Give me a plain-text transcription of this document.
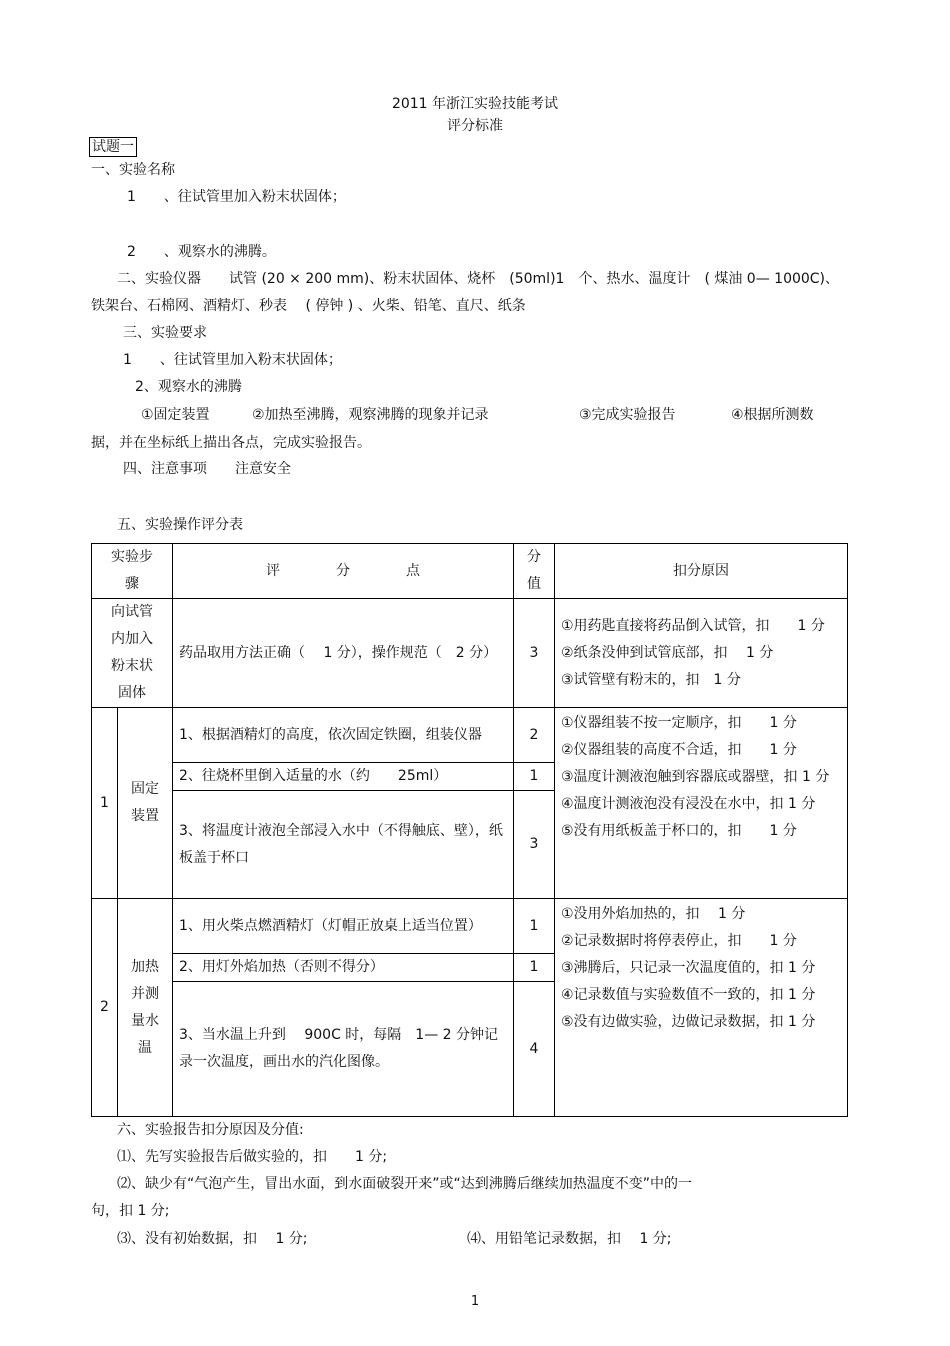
2011 年浙江实验技能考试
评分标准
试题一
一、实验名称
1　　、往试管里加入粉末状固体；
2　　、观察水的沸腾。
二、实验仪器　　试管 (20 × 200 mm)、粉末状固体、烧杯　(50ml)1　个、热水、温度计　( 煤油 0— 1000C)、
铁架台、石棉网、酒精灯、秒表　 ( 停钟 ) 、火柴、铅笔、直尺、纸条
三、实验要求
1　　、往试管里加入粉末状固体；
2、观察水的沸腾
①固定装置	②加热至沸腾，观察沸腾的现象并记录	③完成实验报告	④根据所测数
据，并在坐标纸上描出各点，完成实验报告。
四、注意事项　　注意安全
五、实验操作评分表
实验步
骤		评　　　　分　　　　点	分
值	扣分原因
向试管
内加入
粉末状
固体		药品取用方法正确（　 1 分），操作规范（　2 分）	3	①用药匙直接将药品倒入试管，扣　　1 分
②纸条没伸到试管底部，扣　 1 分
③试管壁有粉末的，扣　1 分
1	固定
装置	1、根据酒精灯的高度，依次固定铁圈，组装仪器	2	①仪器组装不按一定顺序，扣　　1 分
②仪器组装的高度不合适，扣　　1 分
③温度计测液泡触到容器底或器壁，扣 1 分
④温度计测液泡没有浸没在水中，扣 1 分
⑤没有用纸板盖于杯口的，扣　　1 分
		2、往烧杯里倒入适量的水（约　　25ml）	1	
		3、将温度计液泡全部浸入水中（不得触底、壁），纸板盖于杯口	3	
2	加热
并测
量水
温	1、用火柴点燃酒精灯（灯帽正放桌上适当位置）	1	①没用外焰加热的，扣　 1 分
②记录数据时将停表停止，扣　　1 分
③沸腾后，只记录一次温度值的，扣 1 分
④记录数值与实验数值不一致的，扣 1 分
⑤没有边做实验，边做记录数据，扣 1 分
		2、用灯外焰加热（否则不得分）	1	
		3、当水温上升到　 900C 时，每隔　1— 2 分钟记录一次温度，画出水的汽化图像。	4	
六、实验报告扣分原因及分值:
⑴、先写实验报告后做实验的，扣　　1 分;
⑵、缺少有“气泡产生，冒出水面，到水面破裂开来”或“达到沸腾后继续加热温度不变”中的一
句，扣 1 分;
⑶、没有初始数据，扣　 1 分;	⑷、用铅笔记录数据，扣　 1 分;
1
